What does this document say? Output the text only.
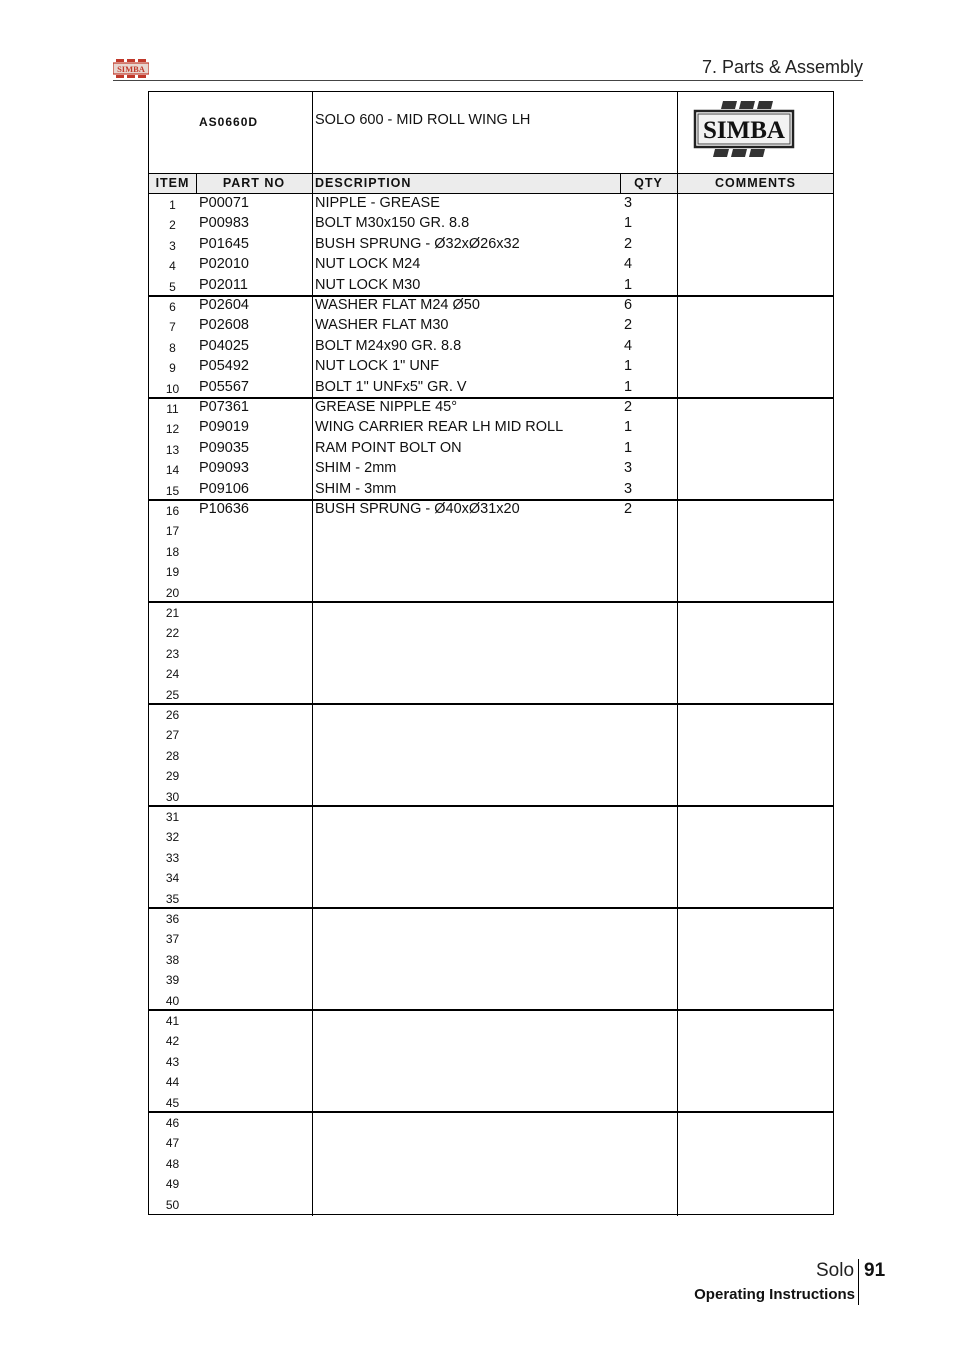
SIMBA	7. Parts & Assembly
AS0660D	SOLO 600 - MID ROLL WING LH	SIMBA
ITEM	PART NO	DESCRIPTION	QTY	COMMENTS
1	P00071	NIPPLE - GREASE	3
2	P00983	BOLT M30x150 GR. 8.8	1
3	P01645	BUSH SPRUNG - Ø32xØ26x32	2
4	P02010	NUT LOCK M24	4
5	P02011	NUT LOCK M30	1
6	P02604	WASHER FLAT M24 Ø50	6
7	P02608	WASHER FLAT M30	2
8	P04025	BOLT M24x90 GR. 8.8	4
9	P05492	NUT LOCK 1" UNF	1
10	P05567	BOLT 1" UNFx5" GR. V	1
11	P07361	GREASE NIPPLE 45°	2
12	P09019	WING CARRIER REAR LH MID ROLL	1
13	P09035	RAM POINT BOLT ON	1
14	P09093	SHIM - 2mm	3
15	P09106	SHIM - 3mm	3
16	P10636	BUSH SPRUNG - Ø40xØ31x20	2
17
18
19
20
21
22
23
24
25
26
27
28
29
30
31
32
33
34
35
36
37
38
39
40
41
42
43
44
45
46
47
48
49
50
Solo 91
Operating Instructions
